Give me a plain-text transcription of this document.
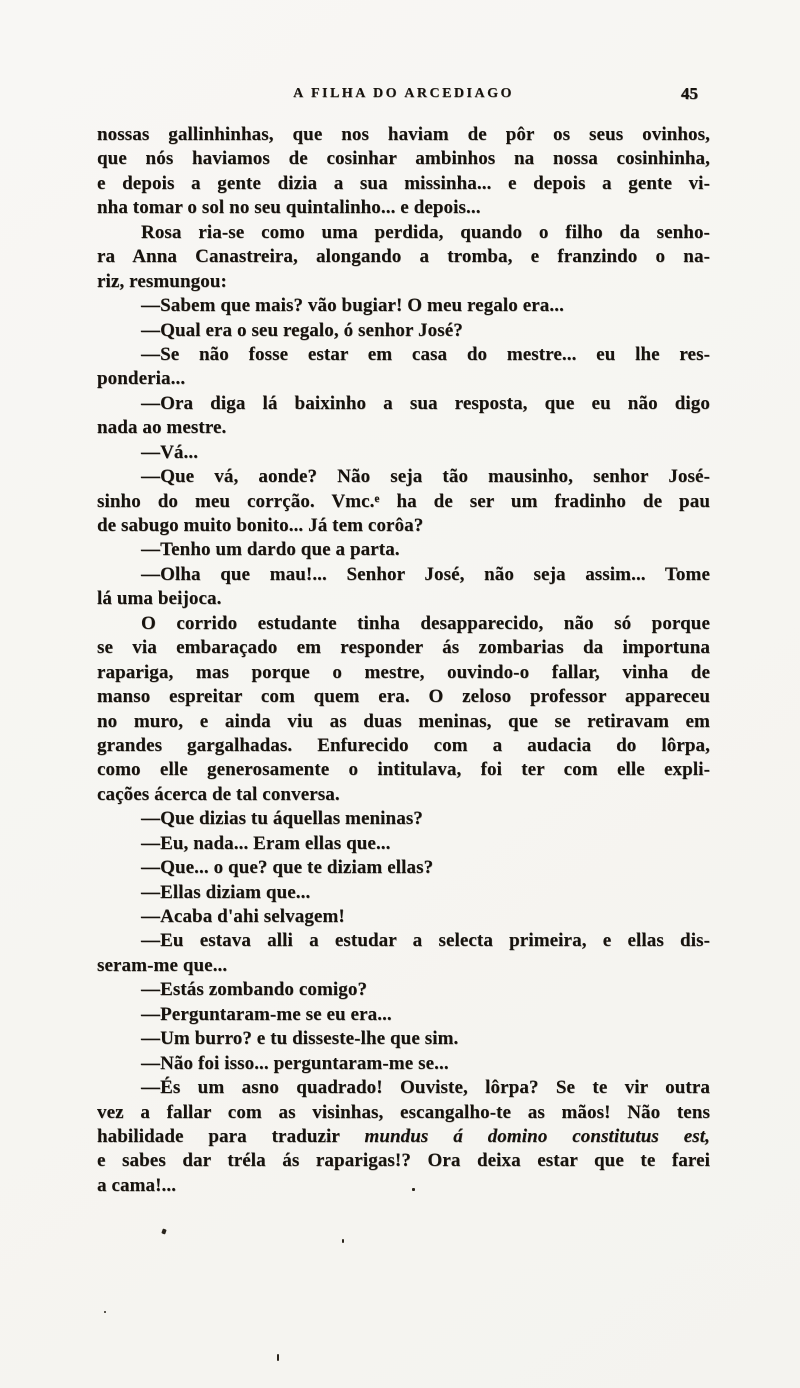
A FILHA DO ARCEDIAGO	45
nossas gallinhinhas, que nos haviam de pôr os seus ovinhos,
que nós haviamos de cosinhar ambinhos na nossa cosinhinha,
e depois a gente dizia a sua missinha... e depois a gente vi-
nha tomar o sol no seu quintalinho... e depois...
Rosa ria-se como uma perdida, quando o filho da senho-
ra Anna Canastreira, alongando a tromba, e franzindo o na-
riz, resmungou:
—Sabem que mais? vão bugiar! O meu regalo era...
—Qual era o seu regalo, ó senhor José?
—Se não fosse estar em casa do mestre... eu lhe res-
ponderia...
—Ora diga lá baixinho a sua resposta, que eu não digo
nada ao mestre.
—Vá...
—Que vá, aonde? Não seja tão mausinho, senhor José-
sinho do meu corrção. Vmc.ᵉ ha de ser um fradinho de pau
de sabugo muito bonito... Já tem corôa?
—Tenho um dardo que a parta.
—Olha que mau!... Senhor José, não seja assim... Tome
lá uma beijoca.
O corrido estudante tinha desapparecido, não só porque
se via embaraçado em responder ás zombarias da importuna
rapariga, mas porque o mestre, ouvindo-o fallar, vinha de
manso espreitar com quem era. O zeloso professor appareceu
no muro, e ainda viu as duas meninas, que se retiravam em
grandes gargalhadas. Enfurecido com a audacia do lôrpa,
como elle generosamente o intitulava, foi ter com elle expli-
cações ácerca de tal conversa.
—Que dizias tu áquellas meninas?
—Eu, nada... Eram ellas que...
—Que... o que? que te diziam ellas?
—Ellas diziam que...
—Acaba d'ahi selvagem!
—Eu estava alli a estudar a selecta primeira, e ellas dis-
seram-me que...
—Estás zombando comigo?
—Perguntaram-me se eu era...
—Um burro? e tu disseste-lhe que sim.
—Não foi isso... perguntaram-me se...
—És um asno quadrado! Ouviste, lôrpa? Se te vir outra
vez a fallar com as visinhas, escangalho-te as mãos! Não tens
habilidade para traduzir mundus á domino constitutus est,
e sabes dar tréla ás raparigas!? Ora deixa estar que te farei
a cama!...
